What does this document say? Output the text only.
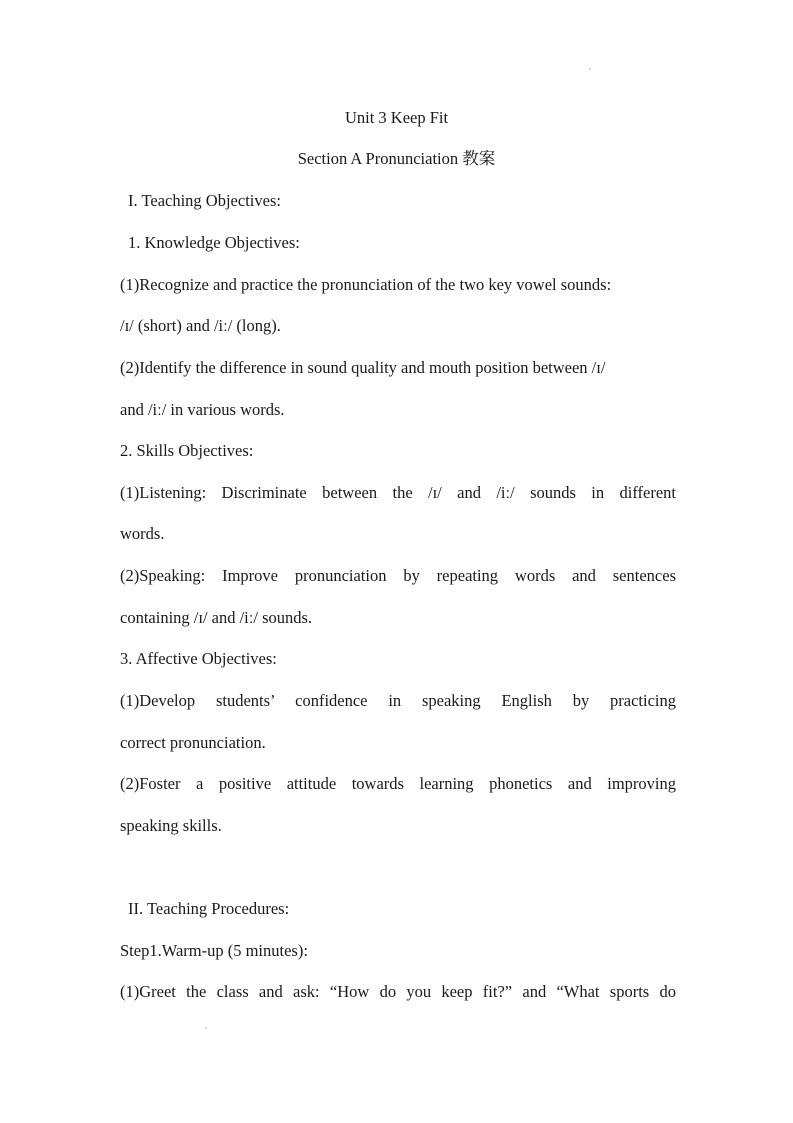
Unit 3 Keep Fit
Section A Pronunciation 教案
I. Teaching Objectives:
1. Knowledge Objectives:
(1)Recognize and practice the pronunciation of the two key vowel sounds:
/ɪ/ (short) and /iː/ (long).
(2)Identify the difference in sound quality and mouth position between /ɪ/
and /iː/ in various words.
2. Skills Objectives:
(1)Listening: Discriminate between the /ɪ/ and /iː/ sounds in different
words.
(2)Speaking: Improve pronunciation by repeating words and sentences
containing /ɪ/ and /iː/ sounds.
3. Affective Objectives:
(1)Develop students’ confidence in speaking English by practicing
correct pronunciation.
(2)Foster a positive attitude towards learning phonetics and improving
speaking skills.
II. Teaching Procedures:
Step1.Warm-up (5 minutes):
(1)Greet the class and ask: “How do you keep fit?” and “What sports do
